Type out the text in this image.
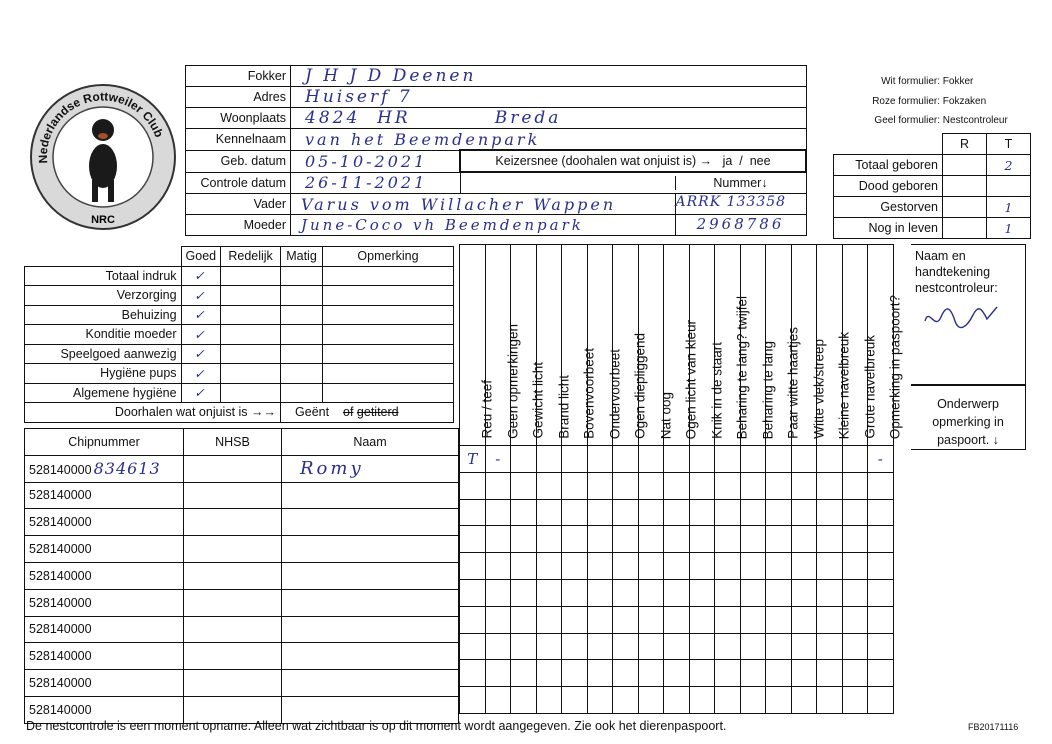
Nederlandse Rottweiler Club
NRC
Wit formulier: Fokker
Roze formulier: Fokzaken
Geel formulier: Nestcontroleur
Fokker	J H J D Deenen	
Adres	Huiserf 7	
Woonplaats	4824  HR          Breda	
Kennelnaam	van het Beemdenpark	
Geb. datum	05-10-2021	Keizersnee (doohalen wat onjuist is) → ja / nee
Controle datum	26-11-2021	Nummer↓

Vader	Varus vom Willacher Wappen ARRK 133358	

Moeder	June-Coco vh Beemdenpark 2968786	
	R	T
Totaal geboren		2
Dood geboren		
Gestorven		1
Nog in leven		1
	Goed	Redelijk	Matig	Opmerking
Totaal indruk	✓			
Verzorging	✓			
Behuizing	✓			
Konditie moeder	✓			
Speelgoed aanwezig	✓			
Hygiëne pups	✓			
Algemene hygiëne	✓			
Doorhalen wat onjuist is →→			Geënt of getiterd	
Chipnummer	NHSB	Naam
528140000 834613		Romy
528140000		
528140000		
528140000		
528140000		
528140000		
528140000		
528140000		
528140000		
528140000		
Reu / teef	Geen opmerkingen	Gewicht licht	Brand licht	Bovenvoorbeet	Ondervoorbeet	Ogen diepliggend	Nat oog	Ogen licht van kleur	Knik in de staart	Beharing te lang? twijfel	Beharing te lang	Paar witte haartjes	Witte vlek/streep	Kleine navelbreuk	Grote navelbreuk	Opmerking in paspoort?

T	-															-

Naam en handtekening nestcontroleur:
Onderwerp opmerking in paspoort. ↓
De nestcontrole is een moment opname. Alleen wat zichtbaar is op dit moment wordt aangegeven. Zie ook het dierenpaspoort.	FB20171116
